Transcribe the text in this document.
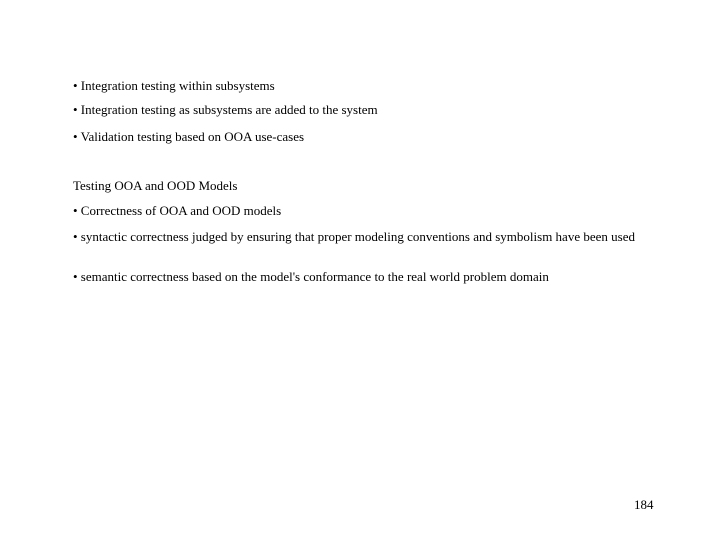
• Integration testing within subsystems
• Integration testing as subsystems are added to the system
• Validation testing based on OOA use-cases
Testing OOA and OOD Models
• Correctness of OOA and OOD models
• syntactic correctness judged by ensuring that proper modeling conventions and symbolism have been used
• semantic correctness based on the model's conformance to the real world problem domain
184
